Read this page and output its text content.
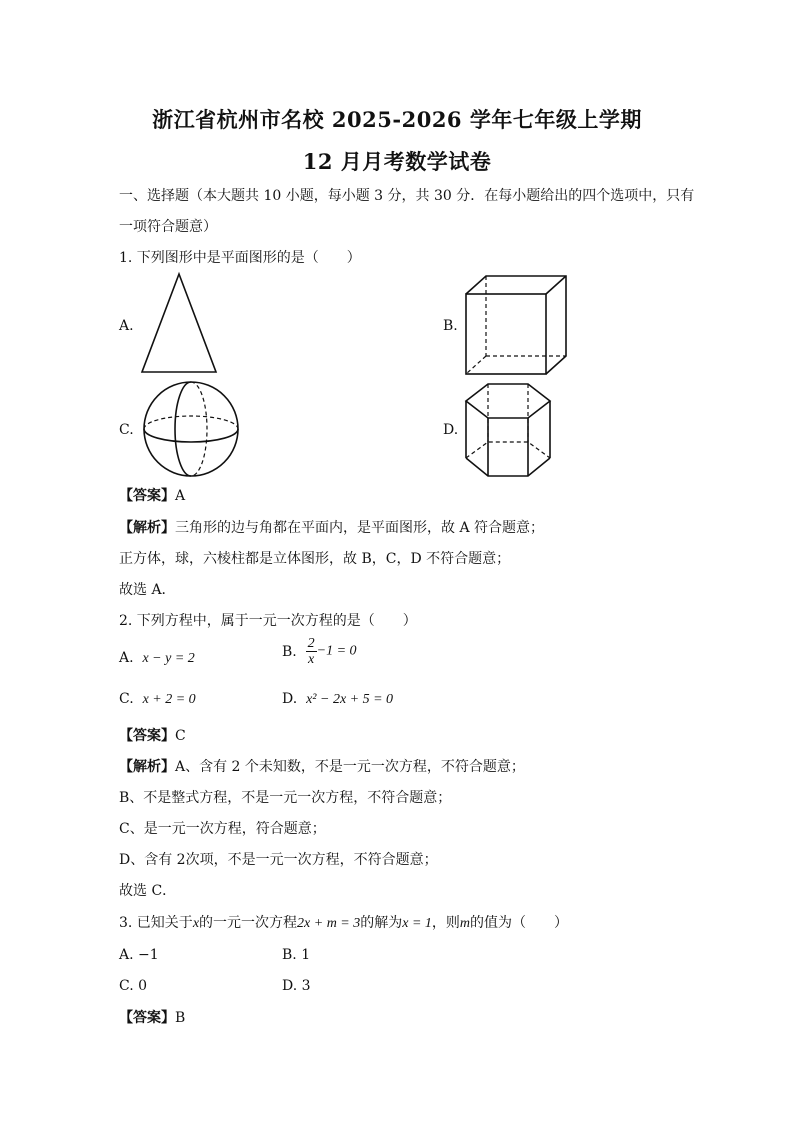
浙江省杭州市名校 2025-2026 学年七年级上学期
12 月月考数学试卷
一、选择题（本大题共 10 小题，每小题 3 分，共 30 分．在每小题给出的四个选项中，只有
一项符合题意）
1. 下列图形中是平面图形的是（　　）
A.	B.
C.	D.
【答案】A
【解析】三角形的边与角都在平面内，是平面图形，故 A 符合题意；
正方体，球，六棱柱都是立体图形，故 B，C，D 不符合题意；
故选 A．
2. 下列方程中，属于一元一次方程的是（　　）
A. x − y = 2	B. $\frac{2}{x} -1 = 0$
C. x + 2 = 0	D. x² − 2x + 5 = 0
【答案】C
【解析】A、含有 2 个未知数，不是一元一次方程，不符合题意；
B、不是整式方程，不是一元一次方程，不符合题意；
C、是一元一次方程，符合题意；
D、含有 2次项，不是一元一次方程，不符合题意；
故选 C．
3. 已知关于x的一元一次方程2x + m = 3的解为x = 1，则m的值为（　　）
A. −1	B. 1
C. 0	D. 3
【答案】B
